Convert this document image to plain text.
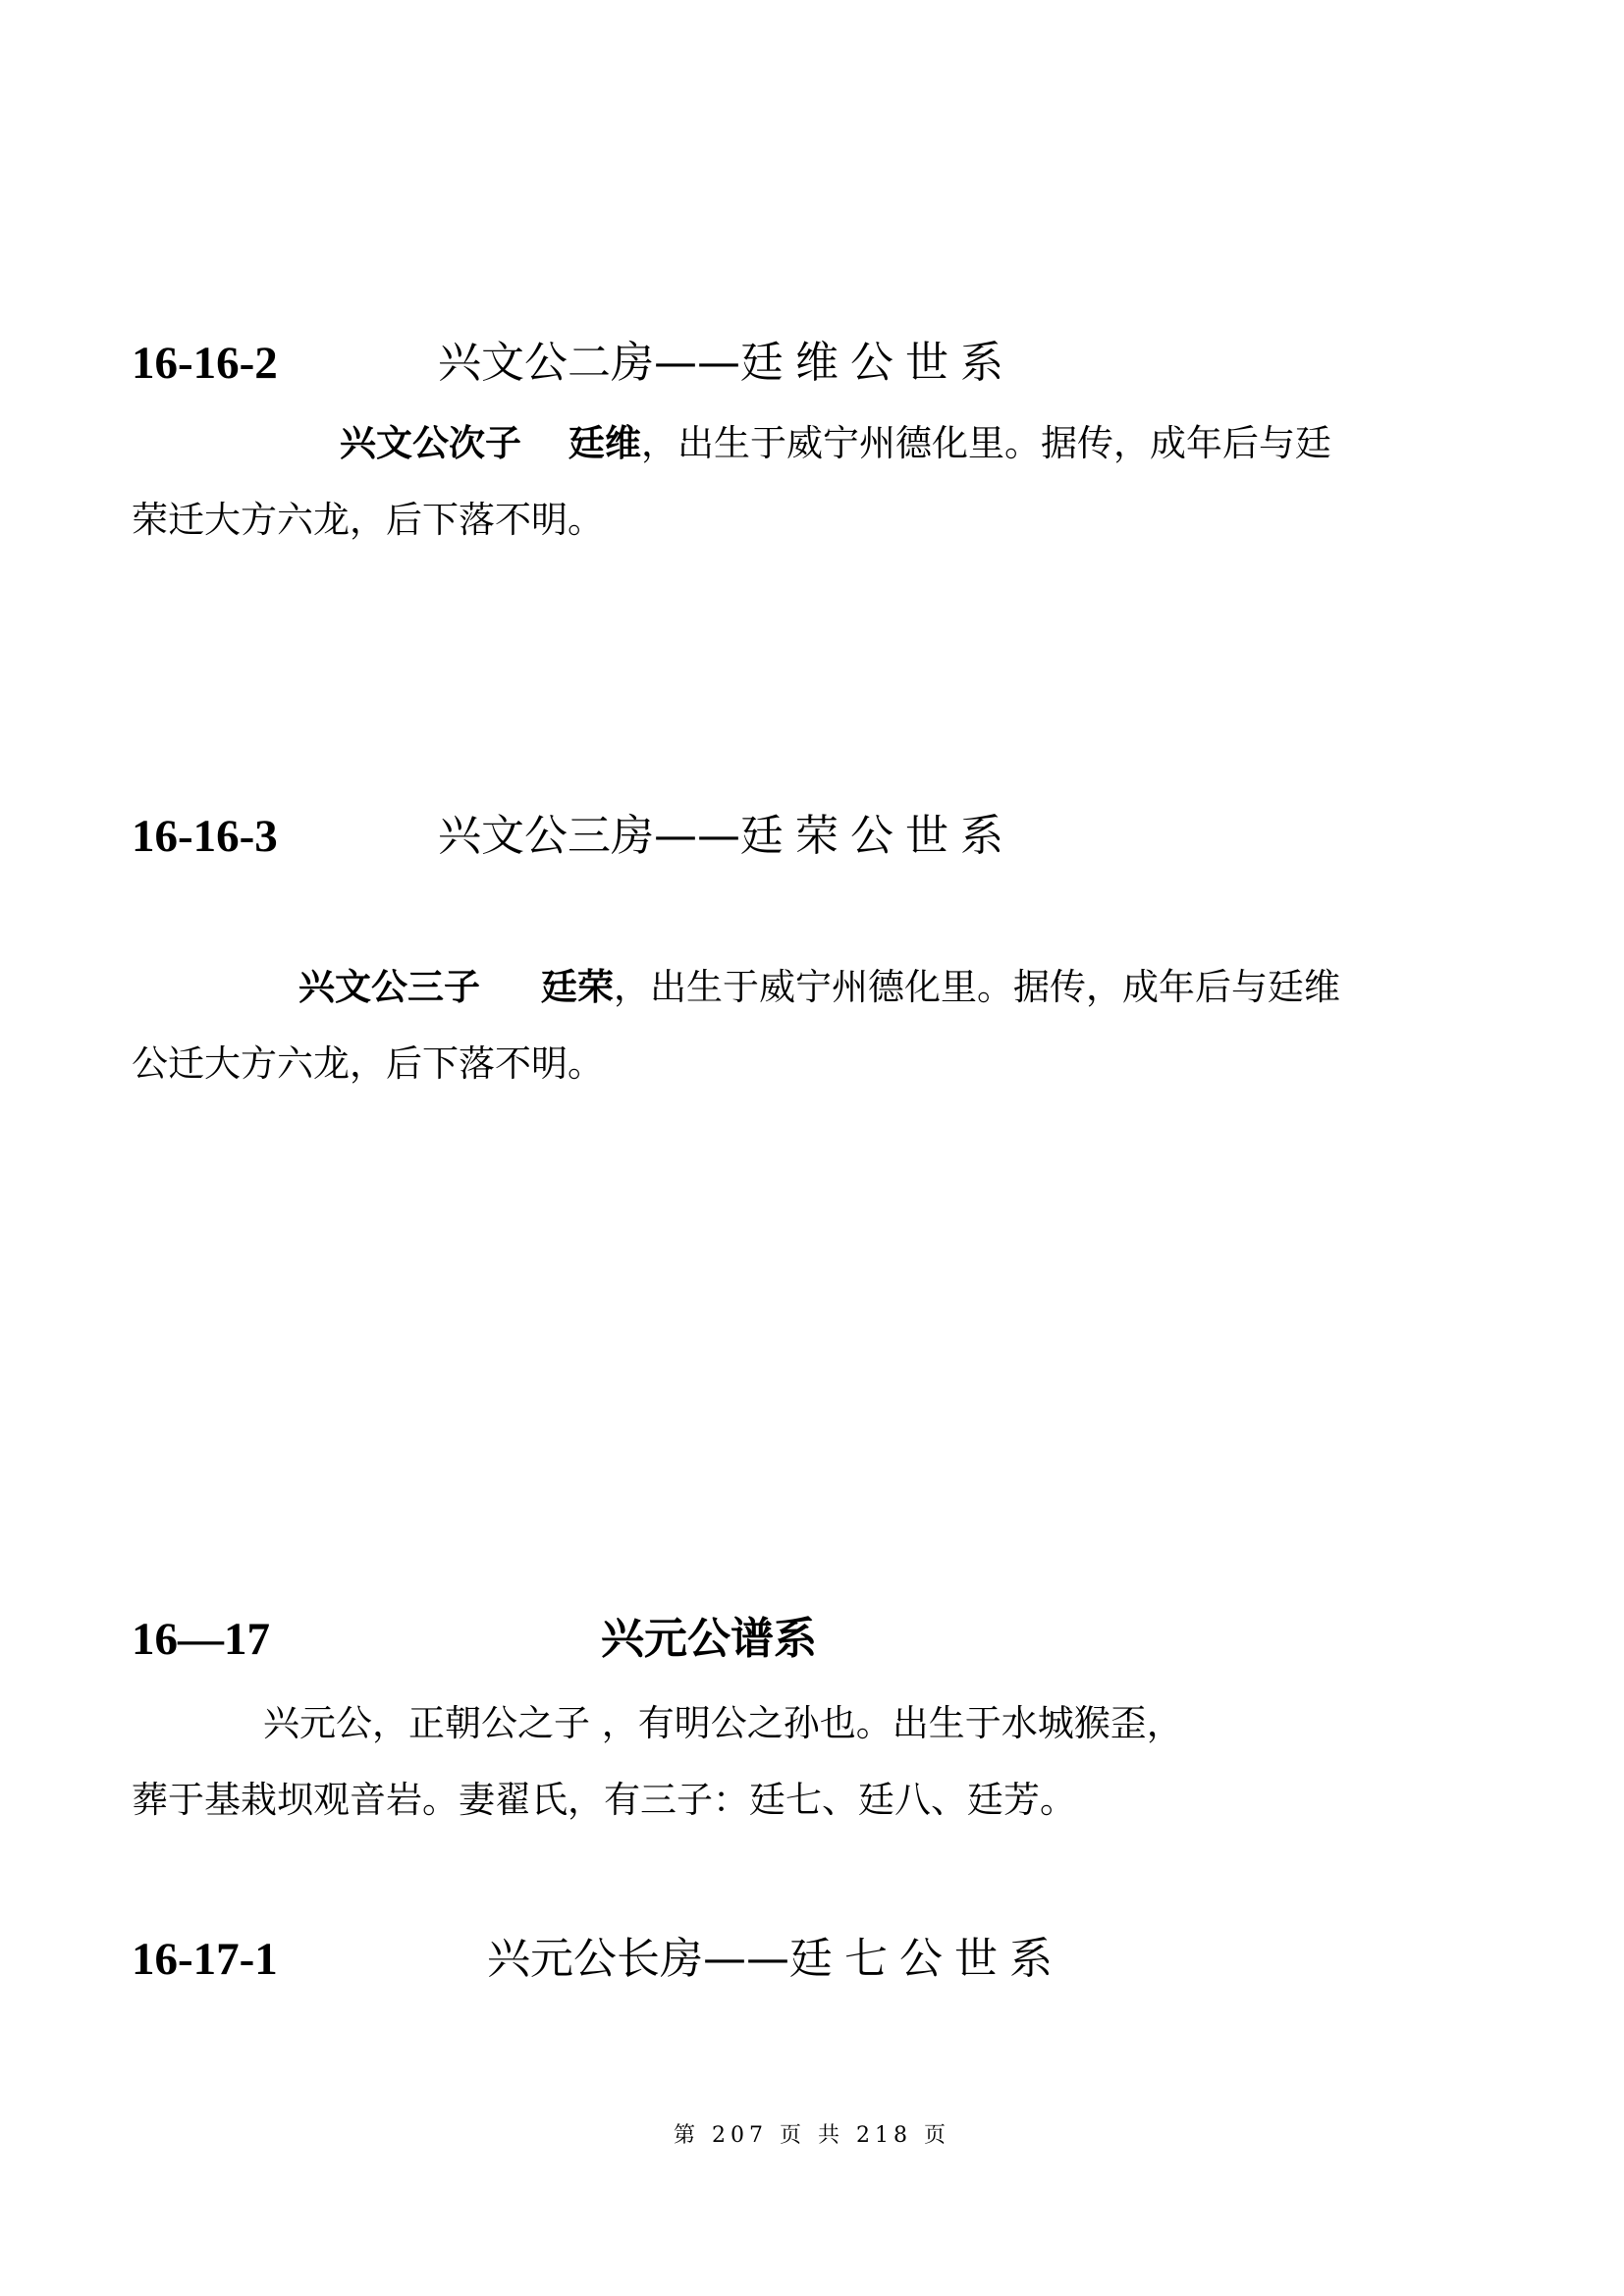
16-16-2	兴文公二房——廷维公世系
兴文公次子 廷维，出生于威宁州德化里。据传，成年后与廷
荣迁大方六龙，后下落不明。
16-16-3	兴文公三房——廷荣公世系
兴文公三子 廷荣，出生于威宁州德化里。据传，成年后与廷维
公迁大方六龙，后下落不明。
16—17	兴元公谱系
兴元公，正朝公之子 ，有明公之孙也。出生于水城猴歪，
葬于基栽坝观音岩。妻翟氏，有三子：廷七、廷八、廷芳。
16-17-1	兴元公长房——廷七公世系
第 207 页 共 218 页
